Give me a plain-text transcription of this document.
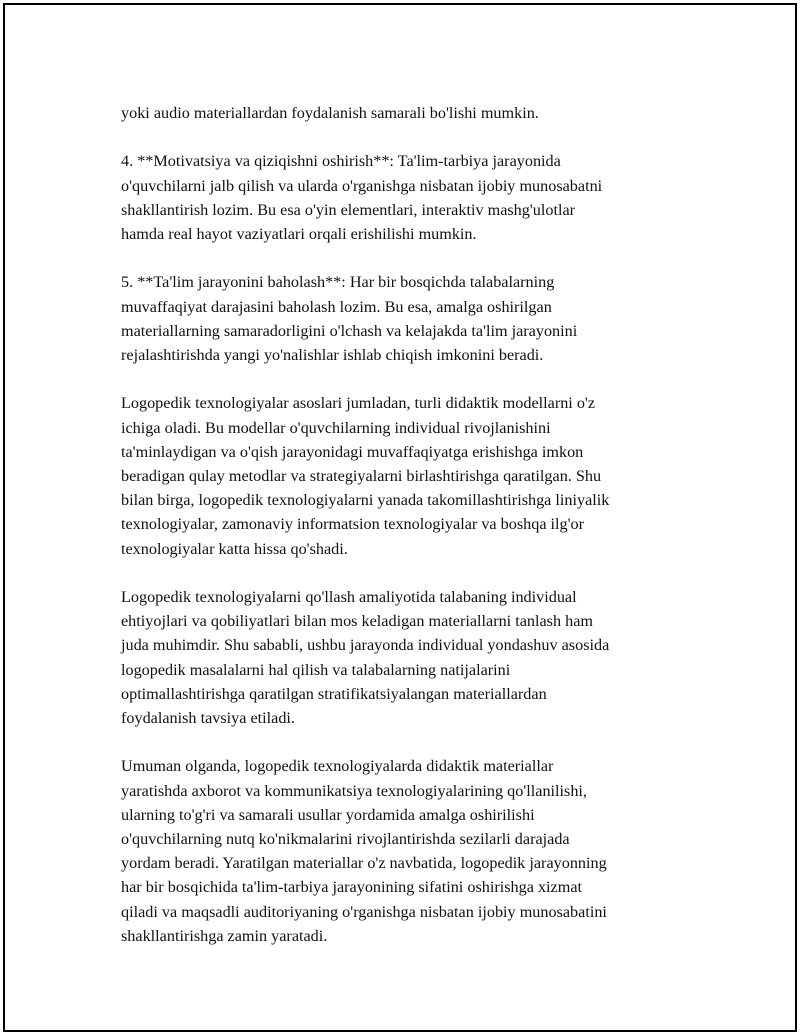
yoki audio materiallardan foydalanish samarali bo'lishi mumkin.

4. **Motivatsiya va qiziqishni oshirish**: Ta'lim-tarbiya jarayonida
o'quvchilarni jalb qilish va ularda o'rganishga nisbatan ijobiy munosabatni
shakllantirish lozim. Bu esa o'yin elementlari, interaktiv mashg'ulotlar
hamda real hayot vaziyatlari orqali erishilishi mumkin.

5. **Ta'lim jarayonini baholash**: Har bir bosqichda talabalarning
muvaffaqiyat darajasini baholash lozim. Bu esa, amalga oshirilgan
materiallarning samaradorligini o'lchash va kelajakda ta'lim jarayonini
rejalashtirishda yangi yo'nalishlar ishlab chiqish imkonini beradi.

Logopedik texnologiyalar asoslari jumladan, turli didaktik modellarni o'z
ichiga oladi. Bu modellar o'quvchilarning individual rivojlanishini
ta'minlaydigan va o'qish jarayonidagi muvaffaqiyatga erishishga imkon
beradigan qulay metodlar va strategiyalarni birlashtirishga qaratilgan. Shu
bilan birga, logopedik texnologiyalarni yanada takomillashtirishga liniyalik
texnologiyalar, zamonaviy informatsion texnologiyalar va boshqa ilg'or
texnologiyalar katta hissa qo'shadi.

Logopedik texnologiyalarni qo'llash amaliyotida talabaning individual
ehtiyojlari va qobiliyatlari bilan mos keladigan materiallarni tanlash ham
juda muhimdir. Shu sababli, ushbu jarayonda individual yondashuv asosida
logopedik masalalarni hal qilish va talabalarning natijalarini
optimallashtirishga qaratilgan stratifikatsiyalangan materiallardan
foydalanish tavsiya etiladi.

Umuman olganda, logopedik texnologiyalarda didaktik materiallar
yaratishda axborot va kommunikatsiya texnologiyalarining qo'llanilishi,
ularning to'g'ri va samarali usullar yordamida amalga oshirilishi
o'quvchilarning nutq ko'nikmalarini rivojlantirishda sezilarli darajada
yordam beradi. Yaratilgan materiallar o'z navbatida, logopedik jarayonning
har bir bosqichida ta'lim-tarbiya jarayonining sifatini oshirishga xizmat
qiladi va maqsadli auditoriyaning o'rganishga nisbatan ijobiy munosabatini
shakllantirishga zamin yaratadi.
